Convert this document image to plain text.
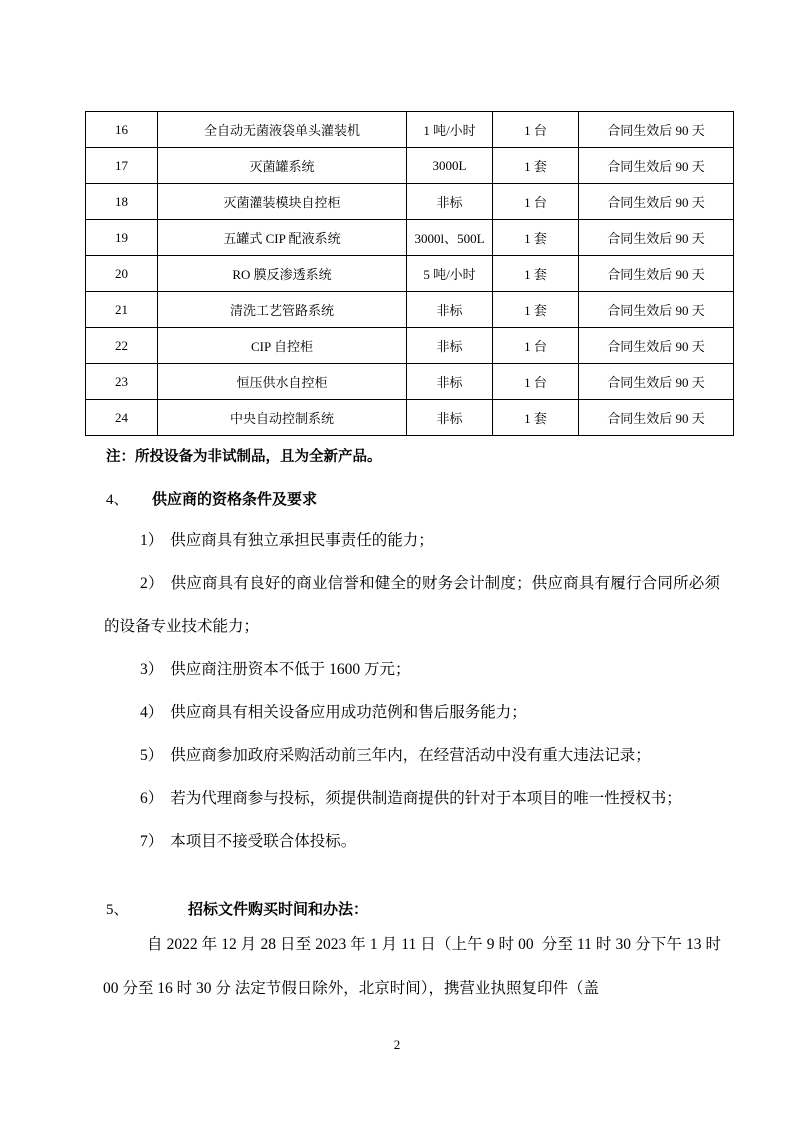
16	全自动无菌液袋单头灌装机	1 吨/小时	1 台	合同生效后 90 天
17	灭菌罐系统	3000L	1 套	合同生效后 90 天
18	灭菌灌装模块自控柜	非标	1 台	合同生效后 90 天
19	五罐式 CIP 配液系统	3000l、500L	1 套	合同生效后 90 天
20	RO 膜反渗透系统	5 吨/小时	1 套	合同生效后 90 天
21	清洗工艺管路系统	非标	1 套	合同生效后 90 天
22	CIP 自控柜	非标	1 台	合同生效后 90 天
23	恒压供水自控柜	非标	1 台	合同生效后 90 天
24	中央自动控制系统	非标	1 套	合同生效后 90 天
注：所投设备为非试制品，且为全新产品。
4、 供应商的资格条件及要求

1） 供应商具有独立承担民事责任的能力；

2） 供应商具有良好的商业信誉和健全的财务会计制度；供应商具有履行合同所必须的设备专业技术能力；

3） 供应商注册资本不低于 1600 万元；

4） 供应商具有相关设备应用成功范例和售后服务能力；

5） 供应商参加政府采购活动前三年内，在经营活动中没有重大违法记录；

6） 若为代理商参与投标，须提供制造商提供的针对于本项目的唯一性授权书；

7） 本项目不接受联合体投标。

5、	招标文件购买时间和办法：

自 2022 年 12 月 28 日至 2023 年 1 月 11 日（上午 9 时 00  分至 11 时 30 分下午 13 时 00 分至 16 时 30 分 法定节假日除外，北京时间），携营业执照复印件（盖

2
